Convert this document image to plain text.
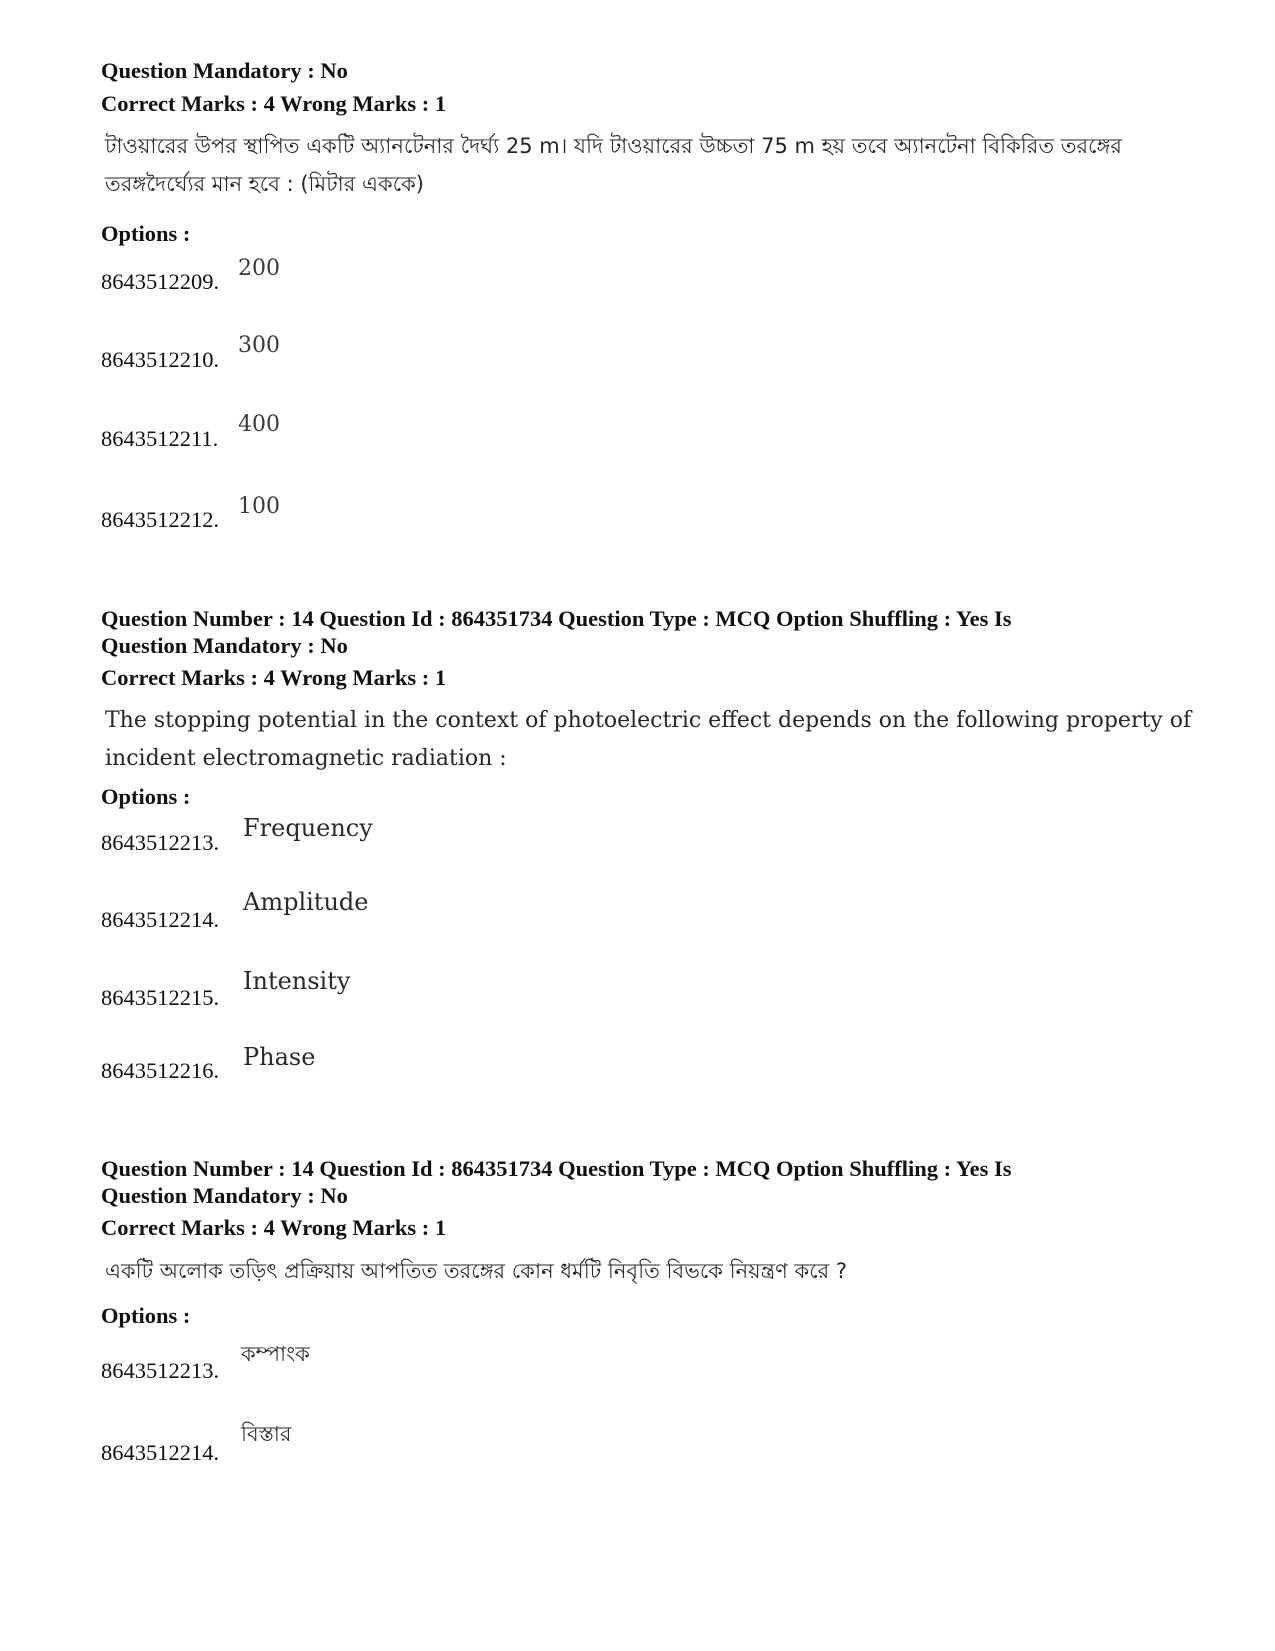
Question Mandatory : No

Correct Marks : 4 Wrong Marks : 1

টাওয়ারের উপর স্থাপিত একটি অ্যানটেনার দৈর্ঘ্য 25 m। যদি টাওয়ারের উচ্চতা 75 m হয় তবে অ্যানটেনা বিকিরিত তরঙ্গের তরঙ্গদৈর্ঘ্যের মান হবে : (মিটার এককে)

Options :

8643512209.

200

8643512210.

300

8643512211.

400

8643512212.

100

Question Number : 14 Question Id : 864351734 Question Type : MCQ Option Shuffling : Yes Is

Question Mandatory : No

Correct Marks : 4 Wrong Marks : 1

The stopping potential in the context of photoelectric effect depends on the following property of incident electromagnetic radiation :

Options :

8643512213.

Frequency

8643512214.

Amplitude

8643512215.

Intensity

8643512216. Phase

Question Number : 14 Question Id : 864351734 Question Type : MCQ Option Shuffling : Yes Is

Question Mandatory : No

Correct Marks : 4 Wrong Marks : 1

একটি অলোক তড়িৎ প্রক্রিয়ায় আপতিত তরঙ্গের কোন ধর্মটি নিবৃতি বিভকে নিয়ন্ত্রণ করে ?

Options :

8643512213.

কম্পাংক

8643512214.

বিস্তার
